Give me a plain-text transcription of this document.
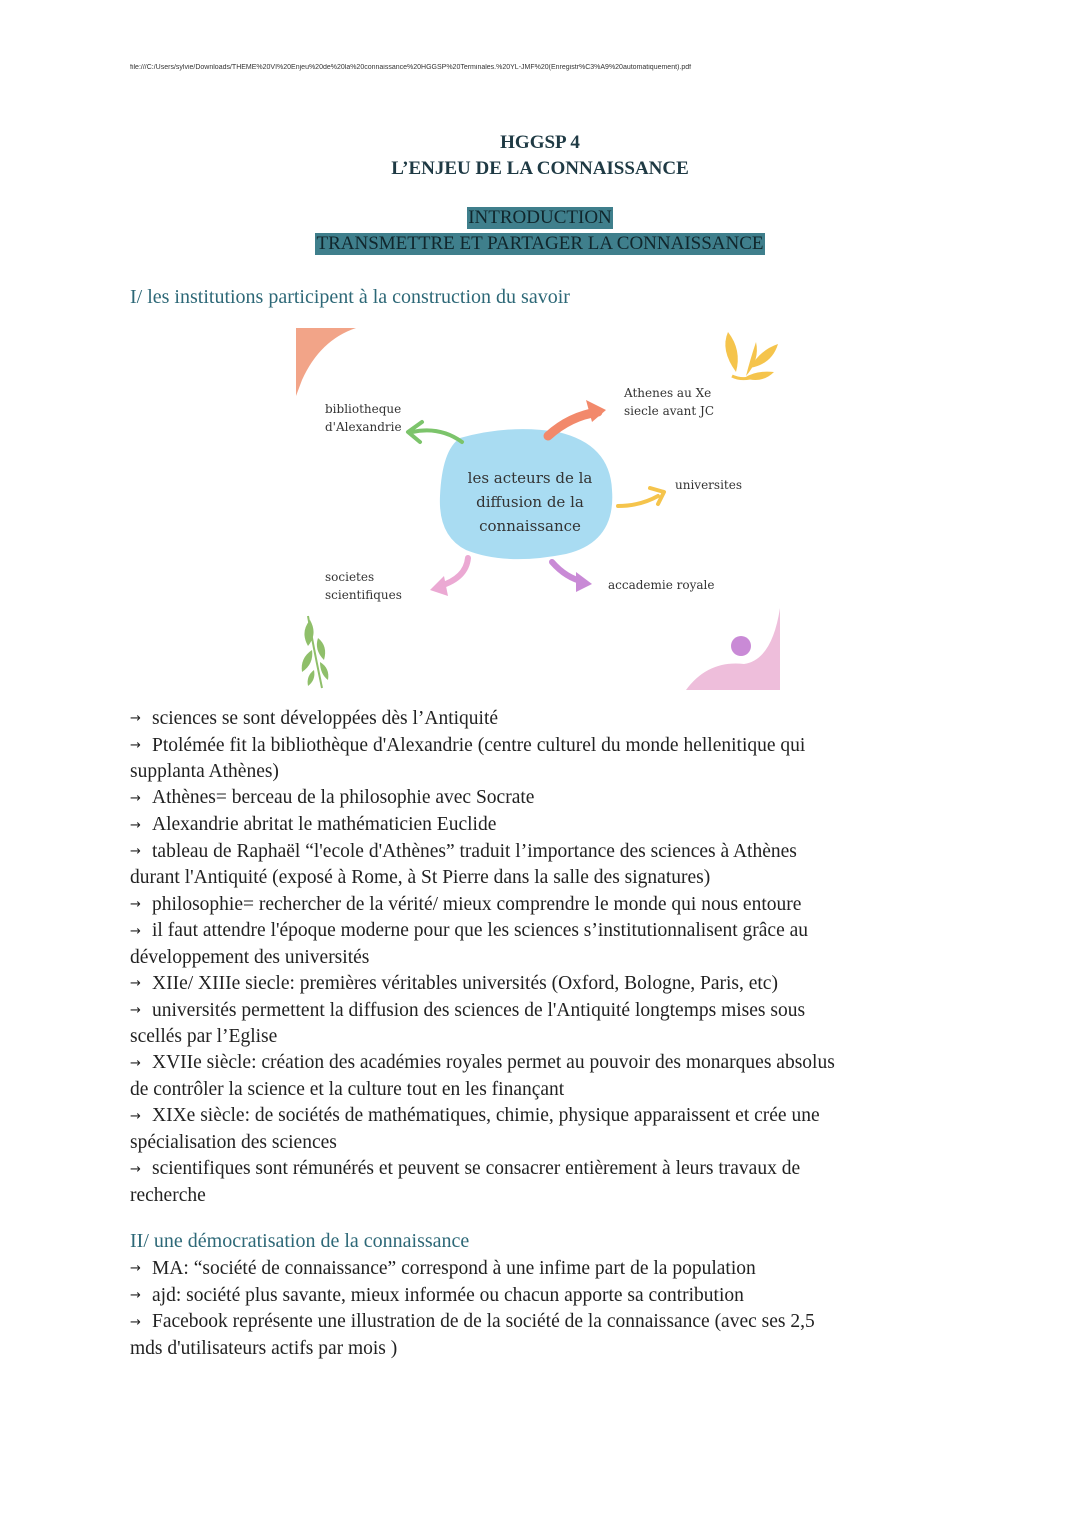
file:///C:/Users/sylvie/Downloads/THEME%20VI%20Enjeu%20de%20la%20connaissance%20HGGSP%20Terminales.%20YL-JMF%20(Enregistr%C3%A9%20automatiquement).pdf
HGGSP 4
L’ENJEU DE LA CONNAISSANCE
INTRODUCTION
TRANSMETTRE ET PARTAGER LA CONNAISSANCE
I/ les institutions participent à la construction du savoir
bibliotheque
d'Alexandrie
Athenes au Xe
siecle avant JC
universites
societes
scientifiques
accademie royale
les acteurs de la
diffusion de la
connaissance

→ sciences se sont développées dès l’Antiquité

→ Ptolémée fit la bibliothèque d'Alexandrie (centre culturel du monde hellenitique qui

supplanta Athènes)

→ Athènes= berceau de la philosophie avec Socrate

→ Alexandrie abritat le mathématicien Euclide

→ tableau de Raphaël “l'ecole d'Athènes” traduit l’importance des sciences à Athènes

durant l'Antiquité (exposé à Rome, à St Pierre dans la salle des signatures)

→ philosophie= rechercher de la vérité/ mieux comprendre le monde qui nous entoure

→ il faut attendre l'époque moderne pour que les sciences s’institutionnalisent grâce au

développement des universités

→ XIIe/ XIIIe siecle: premières véritables universités (Oxford, Bologne, Paris, etc)

→ universités permettent la diffusion des sciences de l'Antiquité longtemps mises sous

scellés par l’Eglise

→ XVIIe siècle: création des académies royales permet au pouvoir des monarques absolus

de contrôler la science et la culture tout en les finançant

→ XIXe siècle: de sociétés de mathématiques, chimie, physique apparaissent et crée une

spécialisation des sciences

→ scientifiques sont rémunérés et peuvent se consacrer entièrement à leurs travaux de

recherche

II/ une démocratisation de la connaissance

→ MA: “société de connaissance” correspond à une infime part de la population

→ ajd: société plus savante, mieux informée ou chacun apporte sa contribution

→ Facebook représente une illustration de de la société de la connaissance (avec ses 2,5

mds d'utilisateurs actifs par mois )
